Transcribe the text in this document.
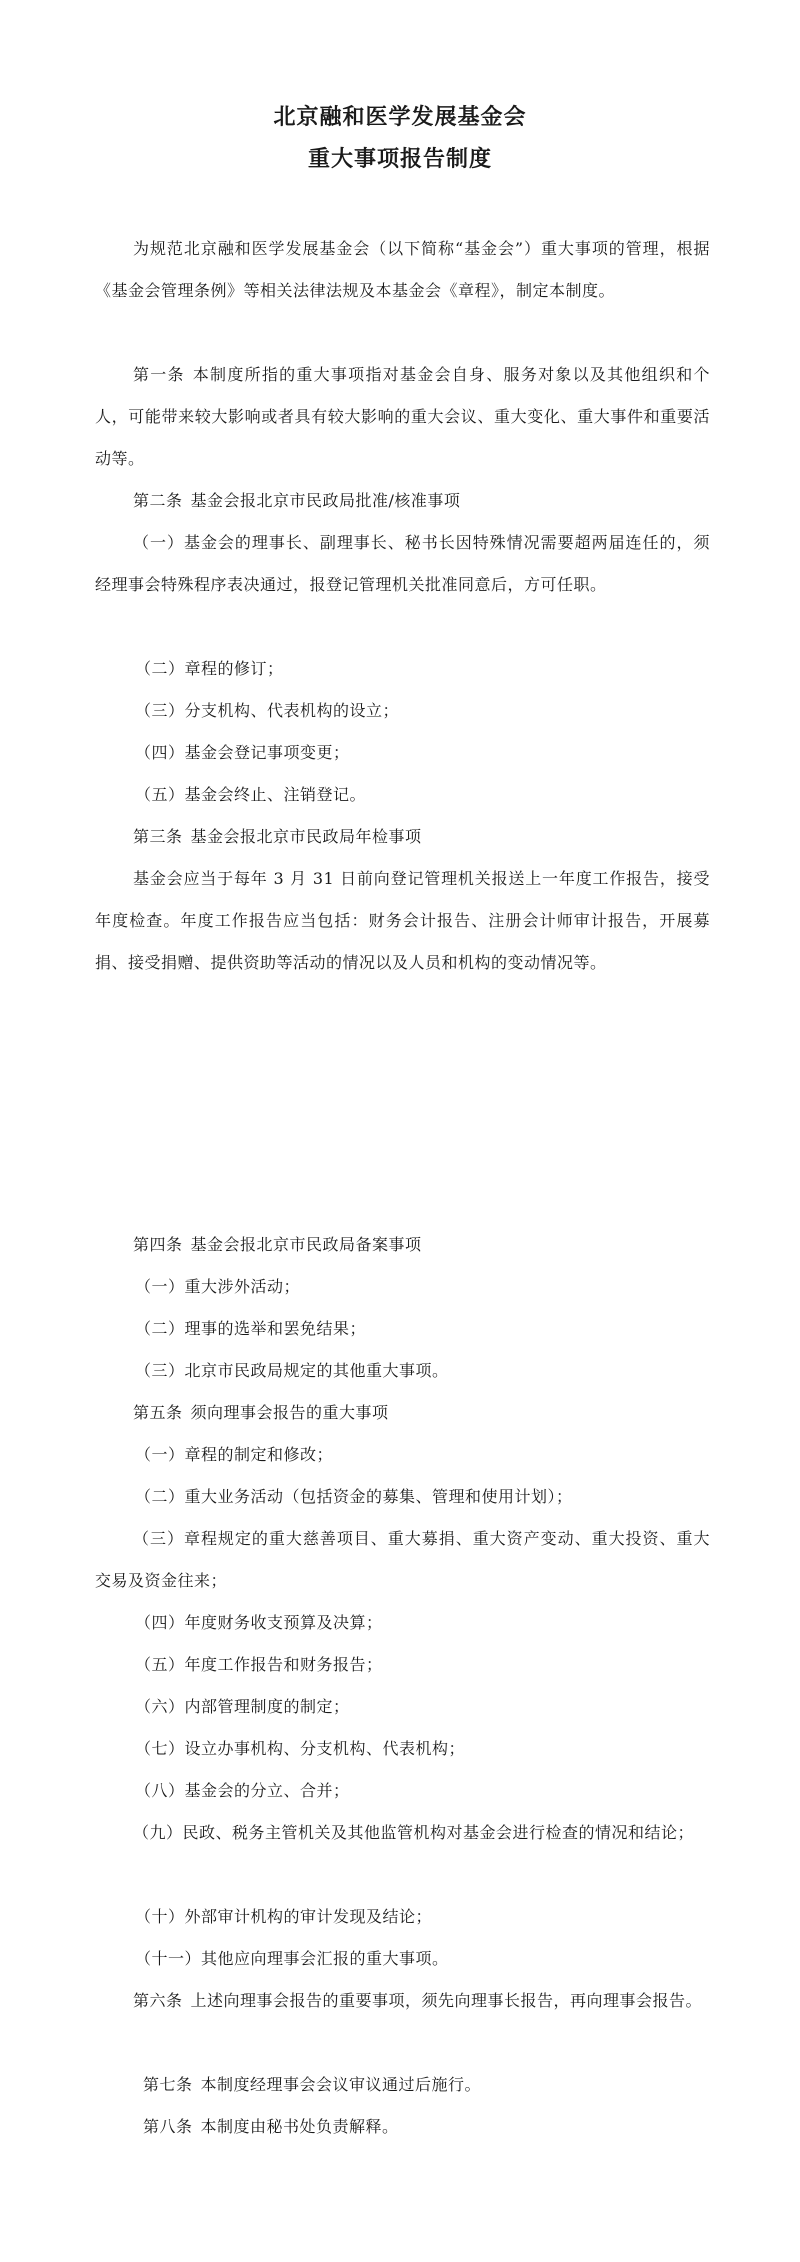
北京融和医学发展基金会
重大事项报告制度
为规范北京融和医学发展基金会（以下简称“基金会”）重大事项的管理，根据《基金会管理条例》等相关法律法规及本基金会《章程》，制定本制度。
第一条 本制度所指的重大事项指对基金会自身、服务对象以及其他组织和个人，可能带来较大影响或者具有较大影响的重大会议、重大变化、重大事件和重要活动等。
第二条 基金会报北京市民政局批准/核准事项
（一）基金会的理事长、副理事长、秘书长因特殊情况需要超两届连任的，须经理事会特殊程序表决通过，报登记管理机关批准同意后，方可任职。
（二）章程的修订；
（三）分支机构、代表机构的设立；
（四）基金会登记事项变更；
（五）基金会终止、注销登记。
第三条 基金会报北京市民政局年检事项
基金会应当于每年 3 月 31 日前向登记管理机关报送上一年度工作报告，接受年度检查。年度工作报告应当包括：财务会计报告、注册会计师审计报告，开展募捐、接受捐赠、提供资助等活动的情况以及人员和机构的变动情况等。
第四条 基金会报北京市民政局备案事项
（一）重大涉外活动；
（二）理事的选举和罢免结果；
（三）北京市民政局规定的其他重大事项。
第五条 须向理事会报告的重大事项
（一）章程的制定和修改；
（二）重大业务活动（包括资金的募集、管理和使用计划）；
（三）章程规定的重大慈善项目、重大募捐、重大资产变动、重大投资、重大交易及资金往来；
（四）年度财务收支预算及决算；
（五）年度工作报告和财务报告；
（六）内部管理制度的制定；
（七）设立办事机构、分支机构、代表机构；
（八）基金会的分立、合并；
（九）民政、税务主管机关及其他监管机构对基金会进行检查的情况和结论；
（十）外部审计机构的审计发现及结论；
（十一）其他应向理事会汇报的重大事项。
第六条 上述向理事会报告的重要事项，须先向理事长报告，再向理事会报告。
第七条 本制度经理事会会议审议通过后施行。
第八条 本制度由秘书处负责解释。
